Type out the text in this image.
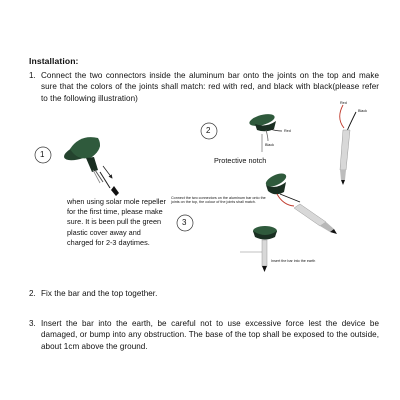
Installation:
1. Connect the two connectors inside the aluminum bar onto the joints on the top and make sure that the colors of the joints shall match: red with red, and black with black(please refer to the following illustration)
1
2
3
when using solar mole repeller for the first time, please make sure. It is been pull the green plastic cover away and charged for 2-3 daytimes.
Protective notch
Red
Black
Red
Black
Connect the two connectors on the aluminum bar onto the joints on the top, the colour of the joints shall match.
Insert the bar into the earth
2. Fix the bar and the top together.
3. Insert the bar into the earth, be careful not to use excessive force lest the device be damaged, or bump into any obstruction. The base of the top shall be exposed to the outside, about 1cm above the ground.
